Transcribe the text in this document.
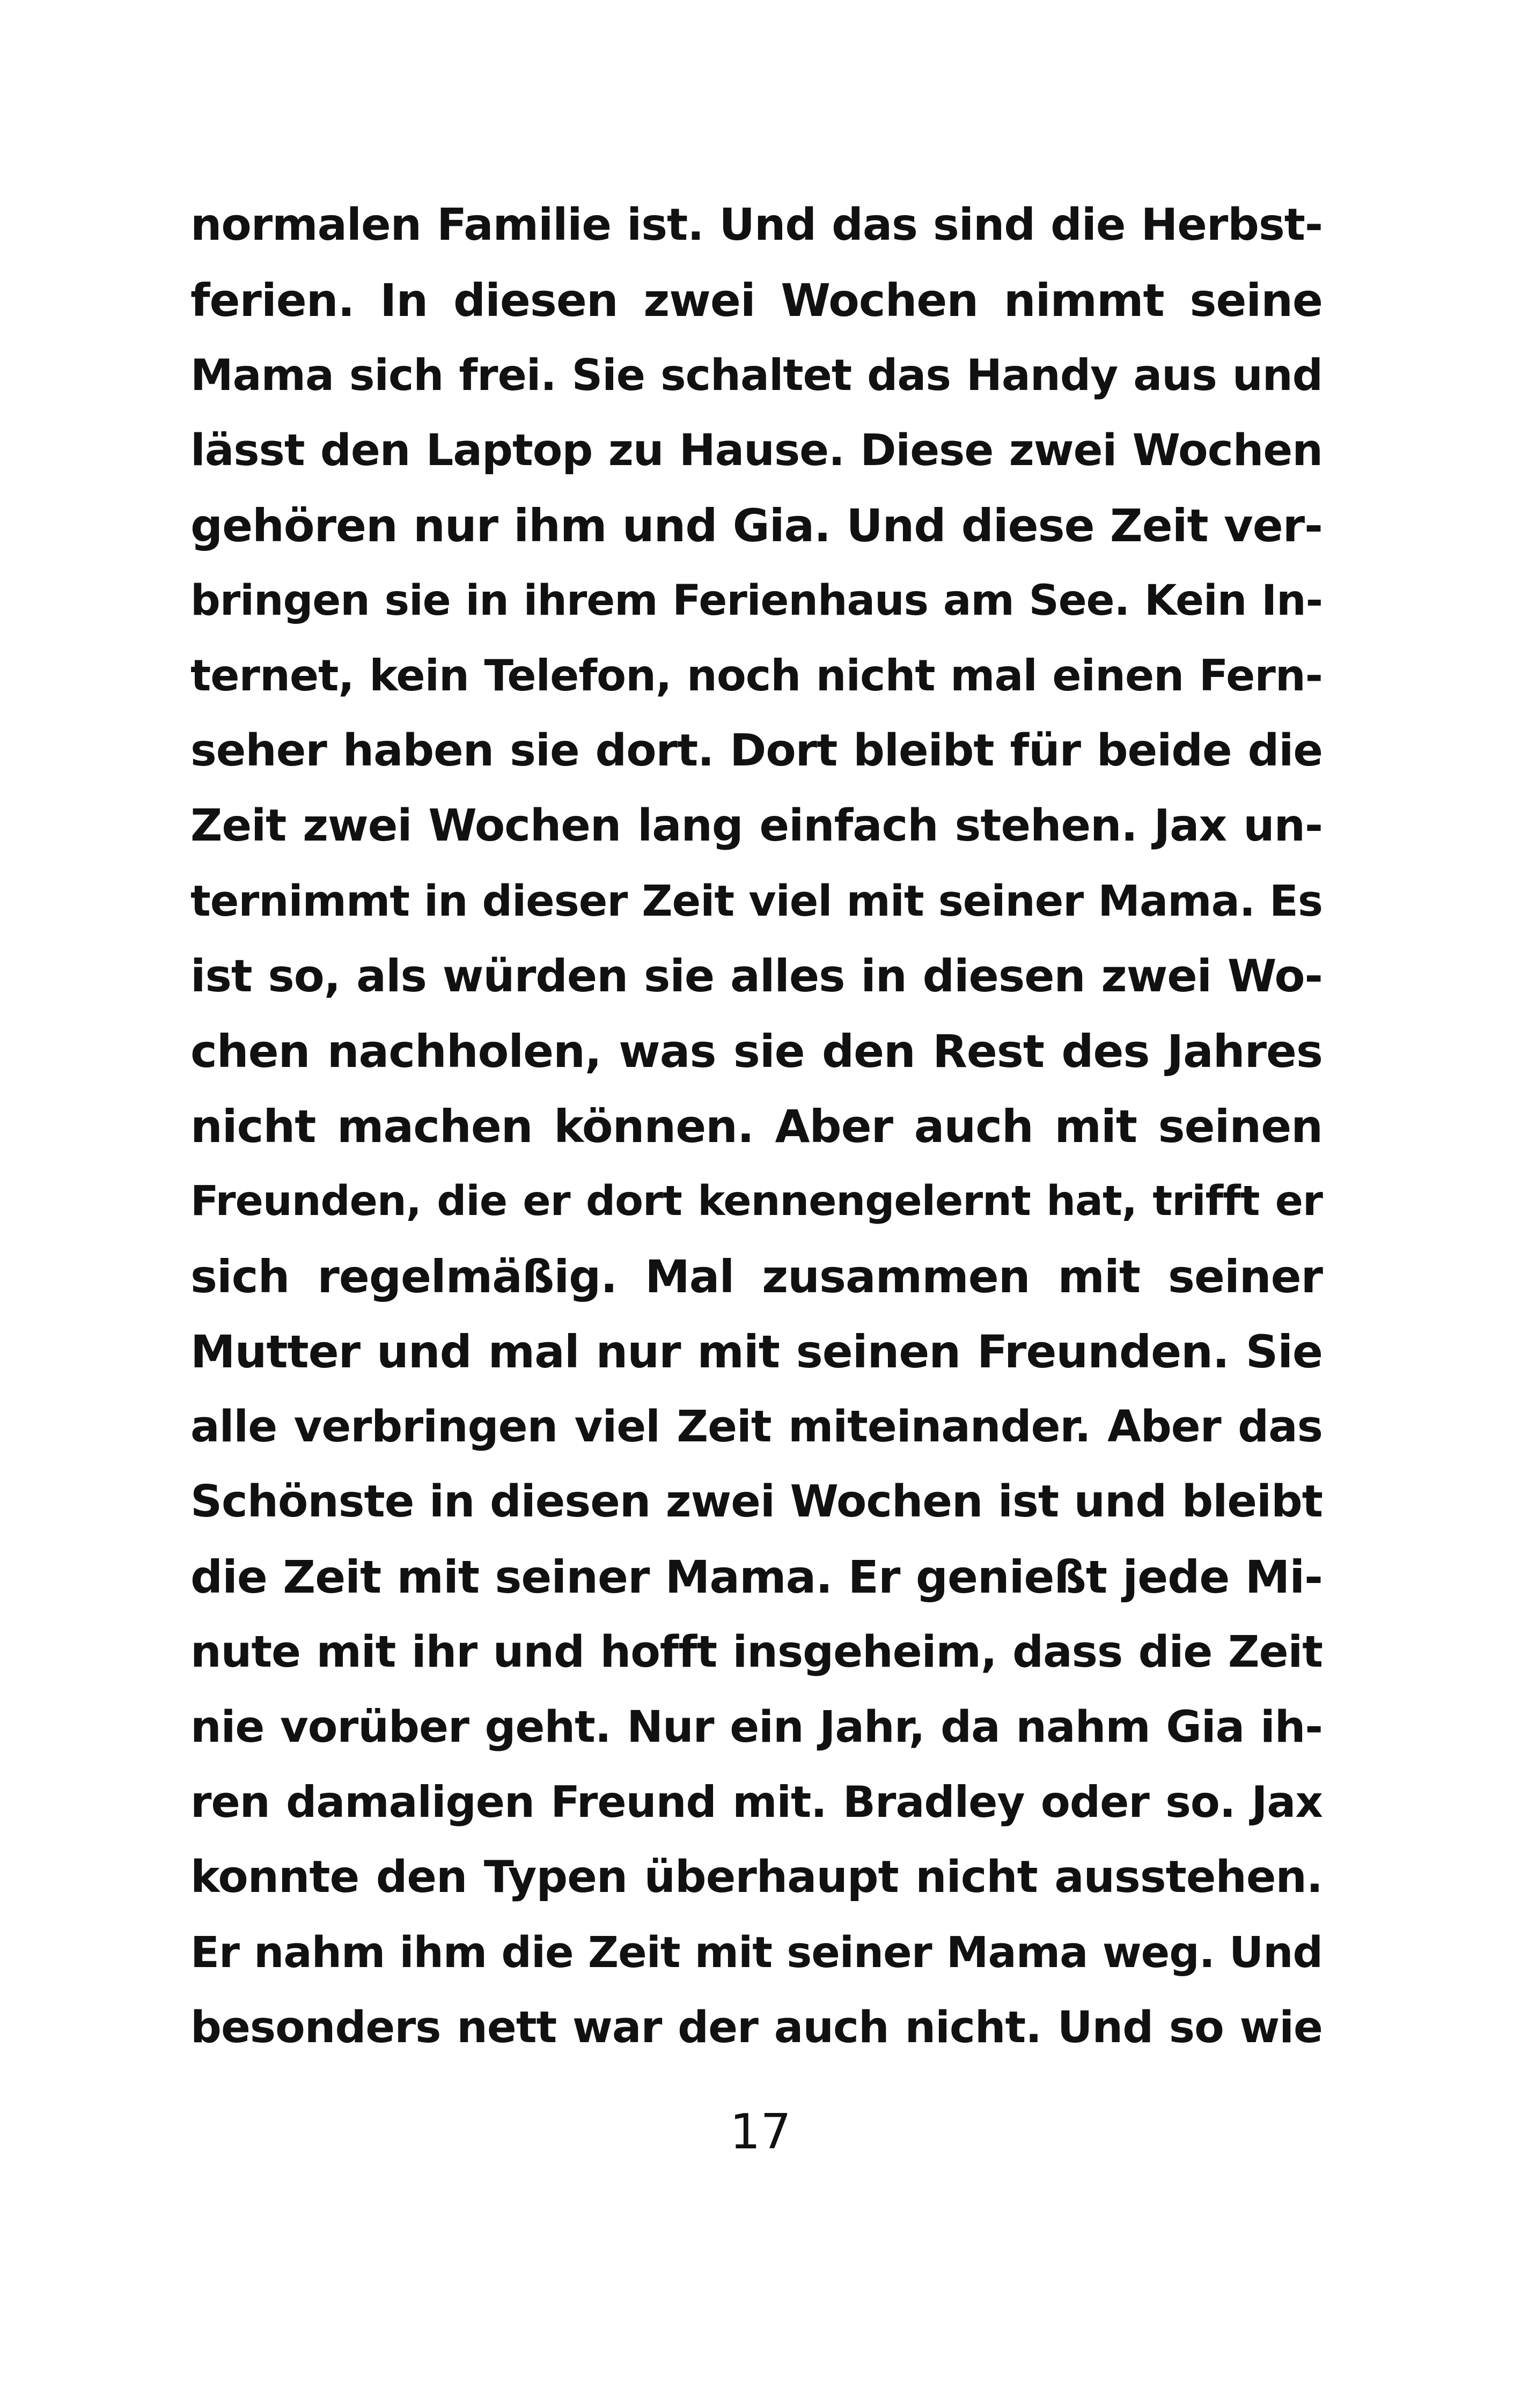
normalen Familie ist. Und das sind die Herbst-
ferien. In diesen zwei Wochen nimmt seine
Mama sich frei. Sie schaltet das Handy aus und
lässt den Laptop zu Hause. Diese zwei Wochen
gehören nur ihm und Gia. Und diese Zeit ver-
bringen sie in ihrem Ferienhaus am See. Kein In-
ternet, kein Telefon, noch nicht mal einen Fern-
seher haben sie dort. Dort bleibt für beide die
Zeit zwei Wochen lang einfach stehen. Jax un-
ternimmt in dieser Zeit viel mit seiner Mama. Es
ist so, als würden sie alles in diesen zwei Wo-
chen nachholen, was sie den Rest des Jahres
nicht machen können. Aber auch mit seinen
Freunden, die er dort kennengelernt hat, trifft er
sich regelmäßig. Mal zusammen mit seiner
Mutter und mal nur mit seinen Freunden. Sie
alle verbringen viel Zeit miteinander. Aber das
Schönste in diesen zwei Wochen ist und bleibt
die Zeit mit seiner Mama. Er genießt jede Mi-
nute mit ihr und hofft insgeheim, dass die Zeit
nie vorüber geht. Nur ein Jahr, da nahm Gia ih-
ren damaligen Freund mit. Bradley oder so. Jax
konnte den Typen überhaupt nicht ausstehen.
Er nahm ihm die Zeit mit seiner Mama weg. Und
besonders nett war der auch nicht. Und so wie
17
